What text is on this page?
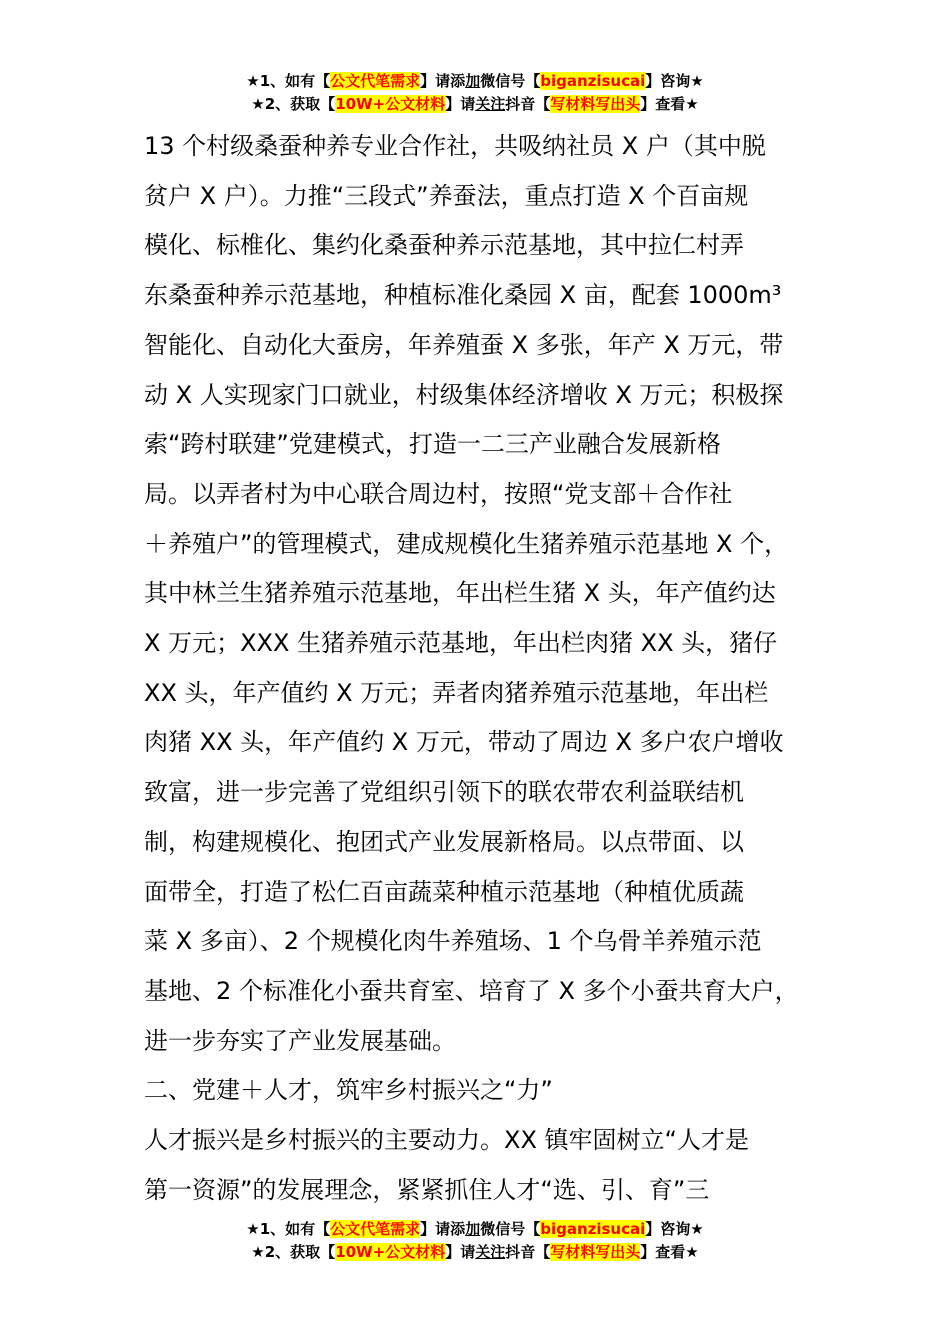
★1、如有【公文代笔需求】请添加微信号【biganzisucai】咨询★
★2、获取【10W+公文材料】请关注抖音【写材料写出头】查看★
13 个村级桑蚕种养专业合作社，共吸纳社员 X 户（其中脱
贫户 X 户）。力推“三段式”养蚕法，重点打造 X 个百亩规
模化、标椎化、集约化桑蚕种养示范基地，其中拉仁村弄
东桑蚕种养示范基地，种植标准化桑园 X 亩，配套 1000m³
智能化、自动化大蚕房，年养殖蚕 X 多张，年产 X 万元，带
动 X 人实现家门口就业，村级集体经济增收 X 万元；积极探
索“跨村联建”党建模式，打造一二三产业融合发展新格
局。以弄者村为中心联合周边村，按照“党支部＋合作社
＋养殖户”的管理模式，建成规模化生猪养殖示范基地 X 个，
其中林兰生猪养殖示范基地，年出栏生猪 X 头，年产值约达
X 万元；XXX 生猪养殖示范基地，年出栏肉猪 XX 头，猪仔
XX 头，年产值约 X 万元；弄者肉猪养殖示范基地，年出栏
肉猪 XX 头，年产值约 X 万元，带动了周边 X 多户农户增收
致富，进一步完善了党组织引领下的联农带农利益联结机
制，构建规模化、抱团式产业发展新格局。以点带面、以
面带全，打造了松仁百亩蔬菜种植示范基地（种植优质蔬
菜 X 多亩）、2 个规模化肉牛养殖场、1 个乌骨羊养殖示范
基地、2 个标准化小蚕共育室、培育了 X 多个小蚕共育大户，
进一步夯实了产业发展基础。
二、党建＋人才，筑牢乡村振兴之“力”
人才振兴是乡村振兴的主要动力。XX 镇牢固树立“人才是
第一资源”的发展理念，紧紧抓住人才“选、引、育”三
★1、如有【公文代笔需求】请添加微信号【biganzisucai】咨询★
★2、获取【10W+公文材料】请关注抖音【写材料写出头】查看★
